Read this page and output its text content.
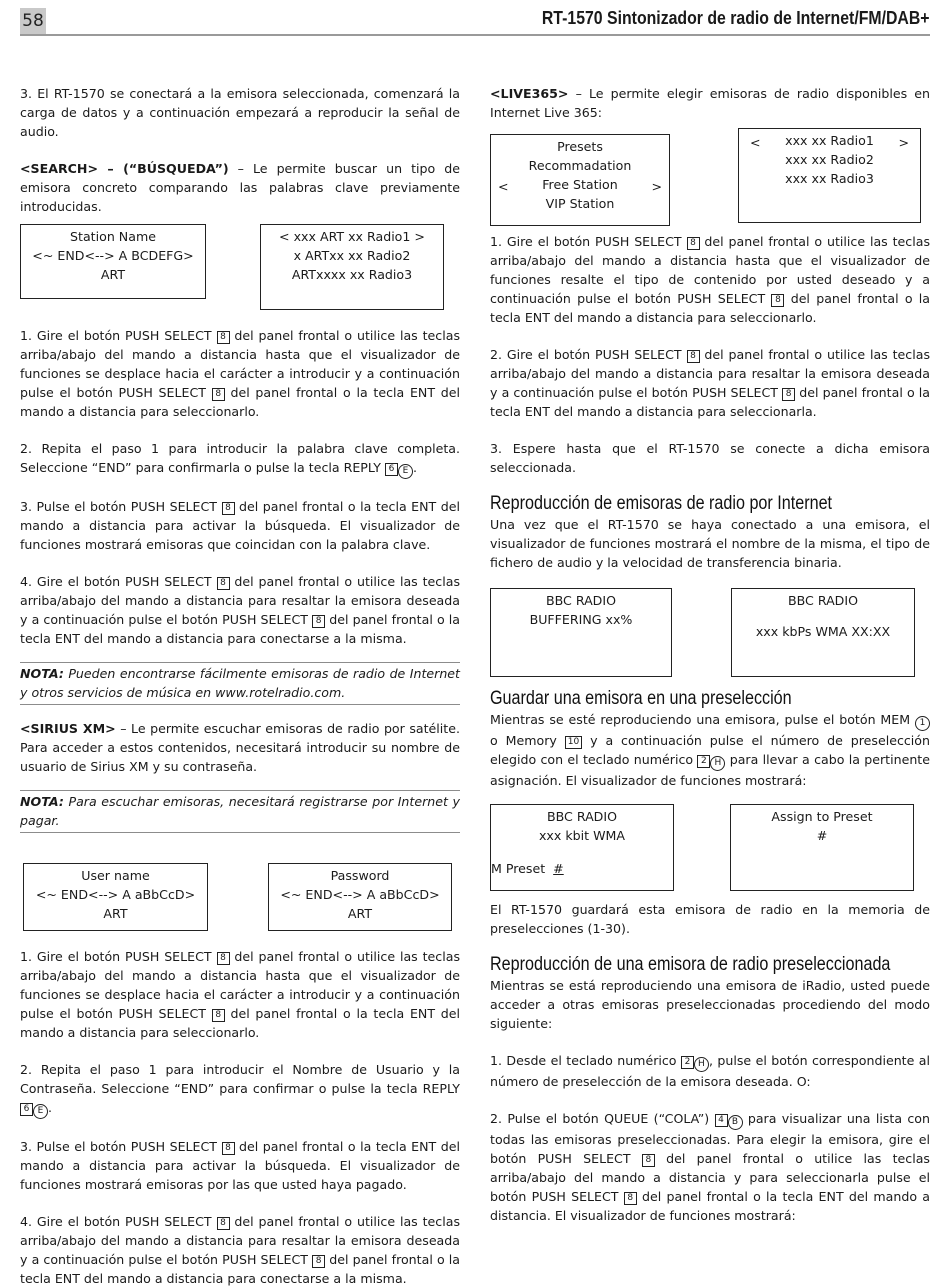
58	RT-1570 Sintonizador de radio de Internet/FM/DAB+

3. El RT-1570 se conectará a la emisora seleccionada, comenzará la carga de datos y a continuación empezará a reproducir la señal de audio.

<SEARCH> – (“BÚSQUEDA”) – Le permite buscar un tipo de emisora concreto comparando las palabras clave previamente introducidas.

Station Name
<~ END<--> A BCDEFG>
ART
< xxx ART xx Radio1 >
x ARTxx xx Radio2
ARTxxxx xx Radio3

1. Gire el botón PUSH SELECT 8 del panel frontal o utilice las teclas arriba/abajo del mando a distancia hasta que el visualizador de funciones se desplace hacia el carácter a introducir y a continuación pulse el botón PUSH SELECT 8 del panel frontal o la tecla ENT del mando a distancia para seleccionarlo.

2. Repita el paso 1 para introducir la palabra clave completa. Seleccione “END” para confirmarla o pulse la tecla REPLY 6 E .

3. Pulse el botón PUSH SELECT 8 del panel frontal o la tecla ENT del mando a distancia para activar la búsqueda. El visualizador de funciones mostrará emisoras que coincidan con la palabra clave.

4. Gire el botón PUSH SELECT 8 del panel frontal o utilice las teclas arriba/abajo del mando a distancia para resaltar la emisora deseada y a continuación pulse el botón PUSH SELECT 8 del panel frontal o la tecla ENT del mando a distancia para conectarse a la misma.

NOTA: Pueden encontrarse fácilmente emisoras de radio de Internet y otros servicios de música en www.rotelradio.com.

<SIRIUS XM> – Le permite escuchar emisoras de radio por satélite. Para acceder a estos contenidos, necesitará introducir su nombre de usuario de Sirius XM y su contraseña.

NOTA: Para escuchar emisoras, necesitará registrarse por Internet y pagar.

User name
<~ END<--> A aBbCcD>
ART
Password
<~ END<--> A aBbCcD>
ART

1. Gire el botón PUSH SELECT 8 del panel frontal o utilice las teclas arriba/abajo del mando a distancia hasta que el visualizador de funciones se desplace hacia el carácter a introducir y a continuación pulse el botón PUSH SELECT 8 del panel frontal o la tecla ENT del mando a distancia para seleccionarlo.

2. Repita el paso 1 para introducir el Nombre de Usuario y la Contraseña. Seleccione “END” para confirmar o pulse la tecla REPLY 6 E .

3. Pulse el botón PUSH SELECT 8 del panel frontal o la tecla ENT del mando a distancia para activar la búsqueda. El visualizador de funciones mostrará emisoras por las que usted haya pagado.

4. Gire el botón PUSH SELECT 8 del panel frontal o utilice las teclas arriba/abajo del mando a distancia para resaltar la emisora deseada y a continuación pulse el botón PUSH SELECT 8 del panel frontal o la tecla ENT del mando a distancia para conectarse a la misma.

<LIVE365> – Le permite elegir emisoras de radio disponibles en Internet Live 365:

Presets
Recommadation
Free Station
VIP Station
<	>
xxx xx Radio1
xxx xx Radio2
xxx xx Radio3
<	>

1. Gire el botón PUSH SELECT 8 del panel frontal o utilice las teclas arriba/abajo del mando a distancia hasta que el visualizador de funciones resalte el tipo de contenido por usted deseado y a continuación pulse el botón PUSH SELECT 8 del panel frontal o la tecla ENT del mando a distancia para seleccionarlo.

2. Gire el botón PUSH SELECT 8 del panel frontal o utilice las teclas arriba/abajo del mando a distancia para resaltar la emisora deseada y a continuación pulse el botón PUSH SELECT 8 del panel frontal o la tecla ENT del mando a distancia para seleccionarla.

3. Espere hasta que el RT-1570 se conecte a dicha emisora seleccionada.

Reproducción de emisoras de radio por Internet

Una vez que el RT-1570 se haya conectado a una emisora, el visualizador de funciones mostrará el nombre de la misma, el tipo de fichero de audio y la velocidad de transferencia binaria.

BBC RADIO
BUFFERING xx%
BBC RADIO
xxx kbPs WMA XX:XX
Guardar una emisora en una preselección

Mientras se esté reproduciendo una emisora, pulse el botón MEM 1 o Memory 10 y a continuación pulse el número de preselección elegido con el teclado numérico 2 H para llevar a cabo la pertinente asignación. El visualizador de funciones mostrará:

BBC RADIO
xxx kbit WMA
M Preset #
Assign to Preset
#

El RT-1570 guardará esta emisora de radio en la memoria de preselecciones (1-30).

Reproducción de una emisora de radio preseleccionada

Mientras se está reproduciendo una emisora de iRadio, usted puede acceder a otras emisoras preseleccionadas procediendo del modo siguiente:

1. Desde el teclado numérico 2 H , pulse el botón correspondiente al número de preselección de la emisora deseada. O:

2. Pulse el botón QUEUE (“COLA”) 4 B para visualizar una lista con todas las emisoras preseleccionadas. Para elegir la emisora, gire el botón PUSH SELECT 8 del panel frontal o utilice las teclas arriba/abajo del mando a distancia y para seleccionarla pulse el botón PUSH SELECT 8 del panel frontal o la tecla ENT del mando a distancia. El visualizador de funciones mostrará:
